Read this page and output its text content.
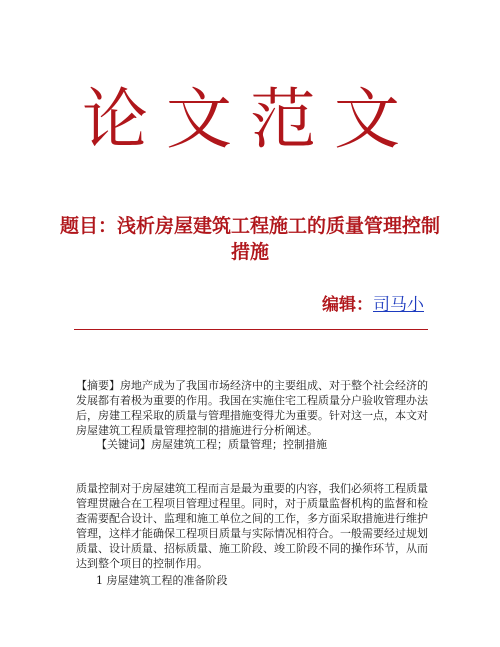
论文范文
题目：浅析房屋建筑工程施工的质量管理控制措施
编辑：司马小
【摘要】房地产成为了我国市场经济中的主要组成、对于整个社会经济的发展都有着极为重要的作用。我国在实施住宅工程质量分户验收管理办法后，房建工程采取的质量与管理措施变得尤为重要。针对这一点，本文对房屋建筑工程质量管理控制的措施进行分析阐述。
【关键词】房屋建筑工程；质量管理；控制措施
质量控制对于房屋建筑工程而言是最为重要的内容，我们必须将工程质量管理贯融合在工程项目管理过程里。同时，对于质量监督机构的监督和检查需要配合设计、监理和施工单位之间的工作，多方面采取措施进行维护管理，这样才能确保工程项目质量与实际情况相符合。一般需要经过规划质量、设计质量、招标质量、施工阶段、竣工阶段不同的操作环节，从而达到整个项目的控制作用。
1 房屋建筑工程的准备阶段
